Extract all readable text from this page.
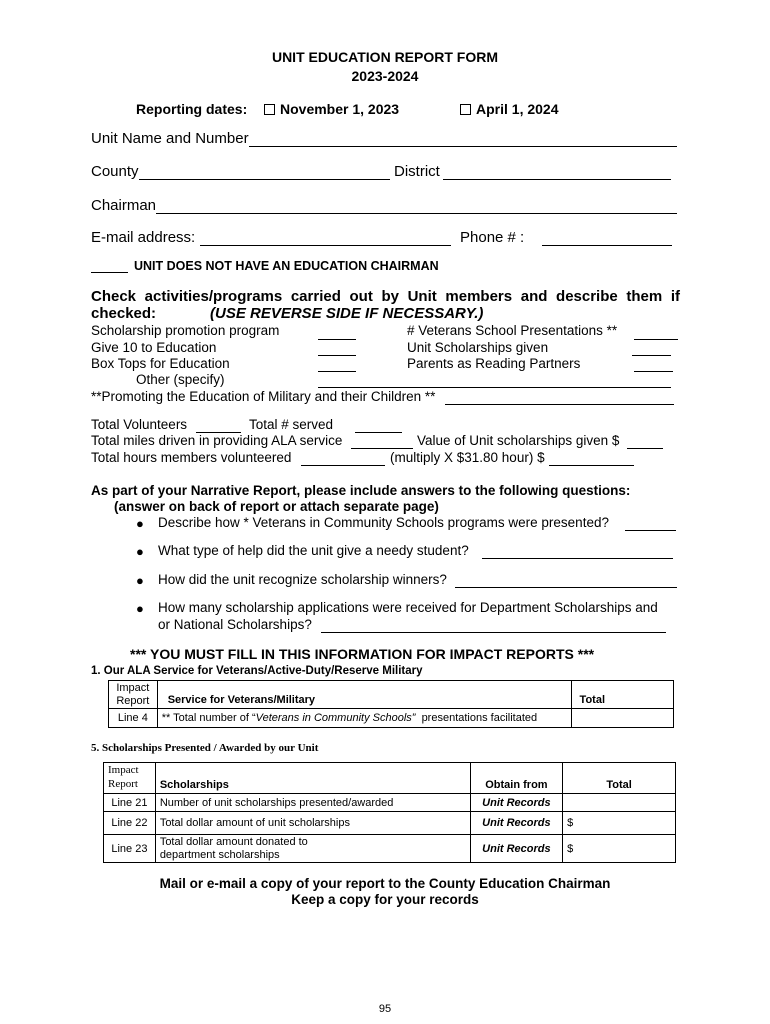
UNIT EDUCATION REPORT FORM
2023-2024
Reporting dates:	November 1, 2023	April 1, 2024
Unit Name and Number
County	District
Chairman
E-mail address:	Phone # :
UNIT DOES NOT HAVE AN EDUCATION CHAIRMAN
Check activities/programs carried out by Unit members and describe them if
checked:	(USE REVERSE SIDE IF NECESSARY.)
Scholarship promotion program	# Veterans School Presentations **
Give 10 to Education	Unit Scholarships given
Box Tops for Education	Parents as Reading Partners
Other (specify)
**Promoting the Education of Military and their Children **
Total Volunteers	Total # served
Total miles driven in providing ALA service	Value of Unit scholarships given $
Total hours members volunteered	(multiply X $31.80 hour) $
As part of your Narrative Report, please include answers to the following questions:
(answer on back of report or attach separate page)
● Describe how * Veterans in Community Schools programs were presented?
● What type of help did the unit give a needy student?
● How did the unit recognize scholarship winners?
● How many scholarship applications were received for Department Scholarships and
or National Scholarships?
*** YOU MUST FILL IN THIS INFORMATION FOR IMPACT REPORTS ***
1. Our ALA Service for Veterans/Active-Duty/Reserve Military
Impact
Report	Service for Veterans/Military	Total
Line 4	** Total number of “Veterans in Community Schools” presentations facilitated	
5. Scholarships Presented / Awarded by our Unit
Impact
Report	Scholarships	Obtain from	Total
Line 21	Number of unit scholarships presented/awarded	Unit Records	
Line 22	Total dollar amount of unit scholarships	Unit Records	$
Line 23	Total dollar amount donated to
department scholarships	Unit Records	$
Mail or e-mail a copy of your report to the County Education Chairman
Keep a copy for your records
95
